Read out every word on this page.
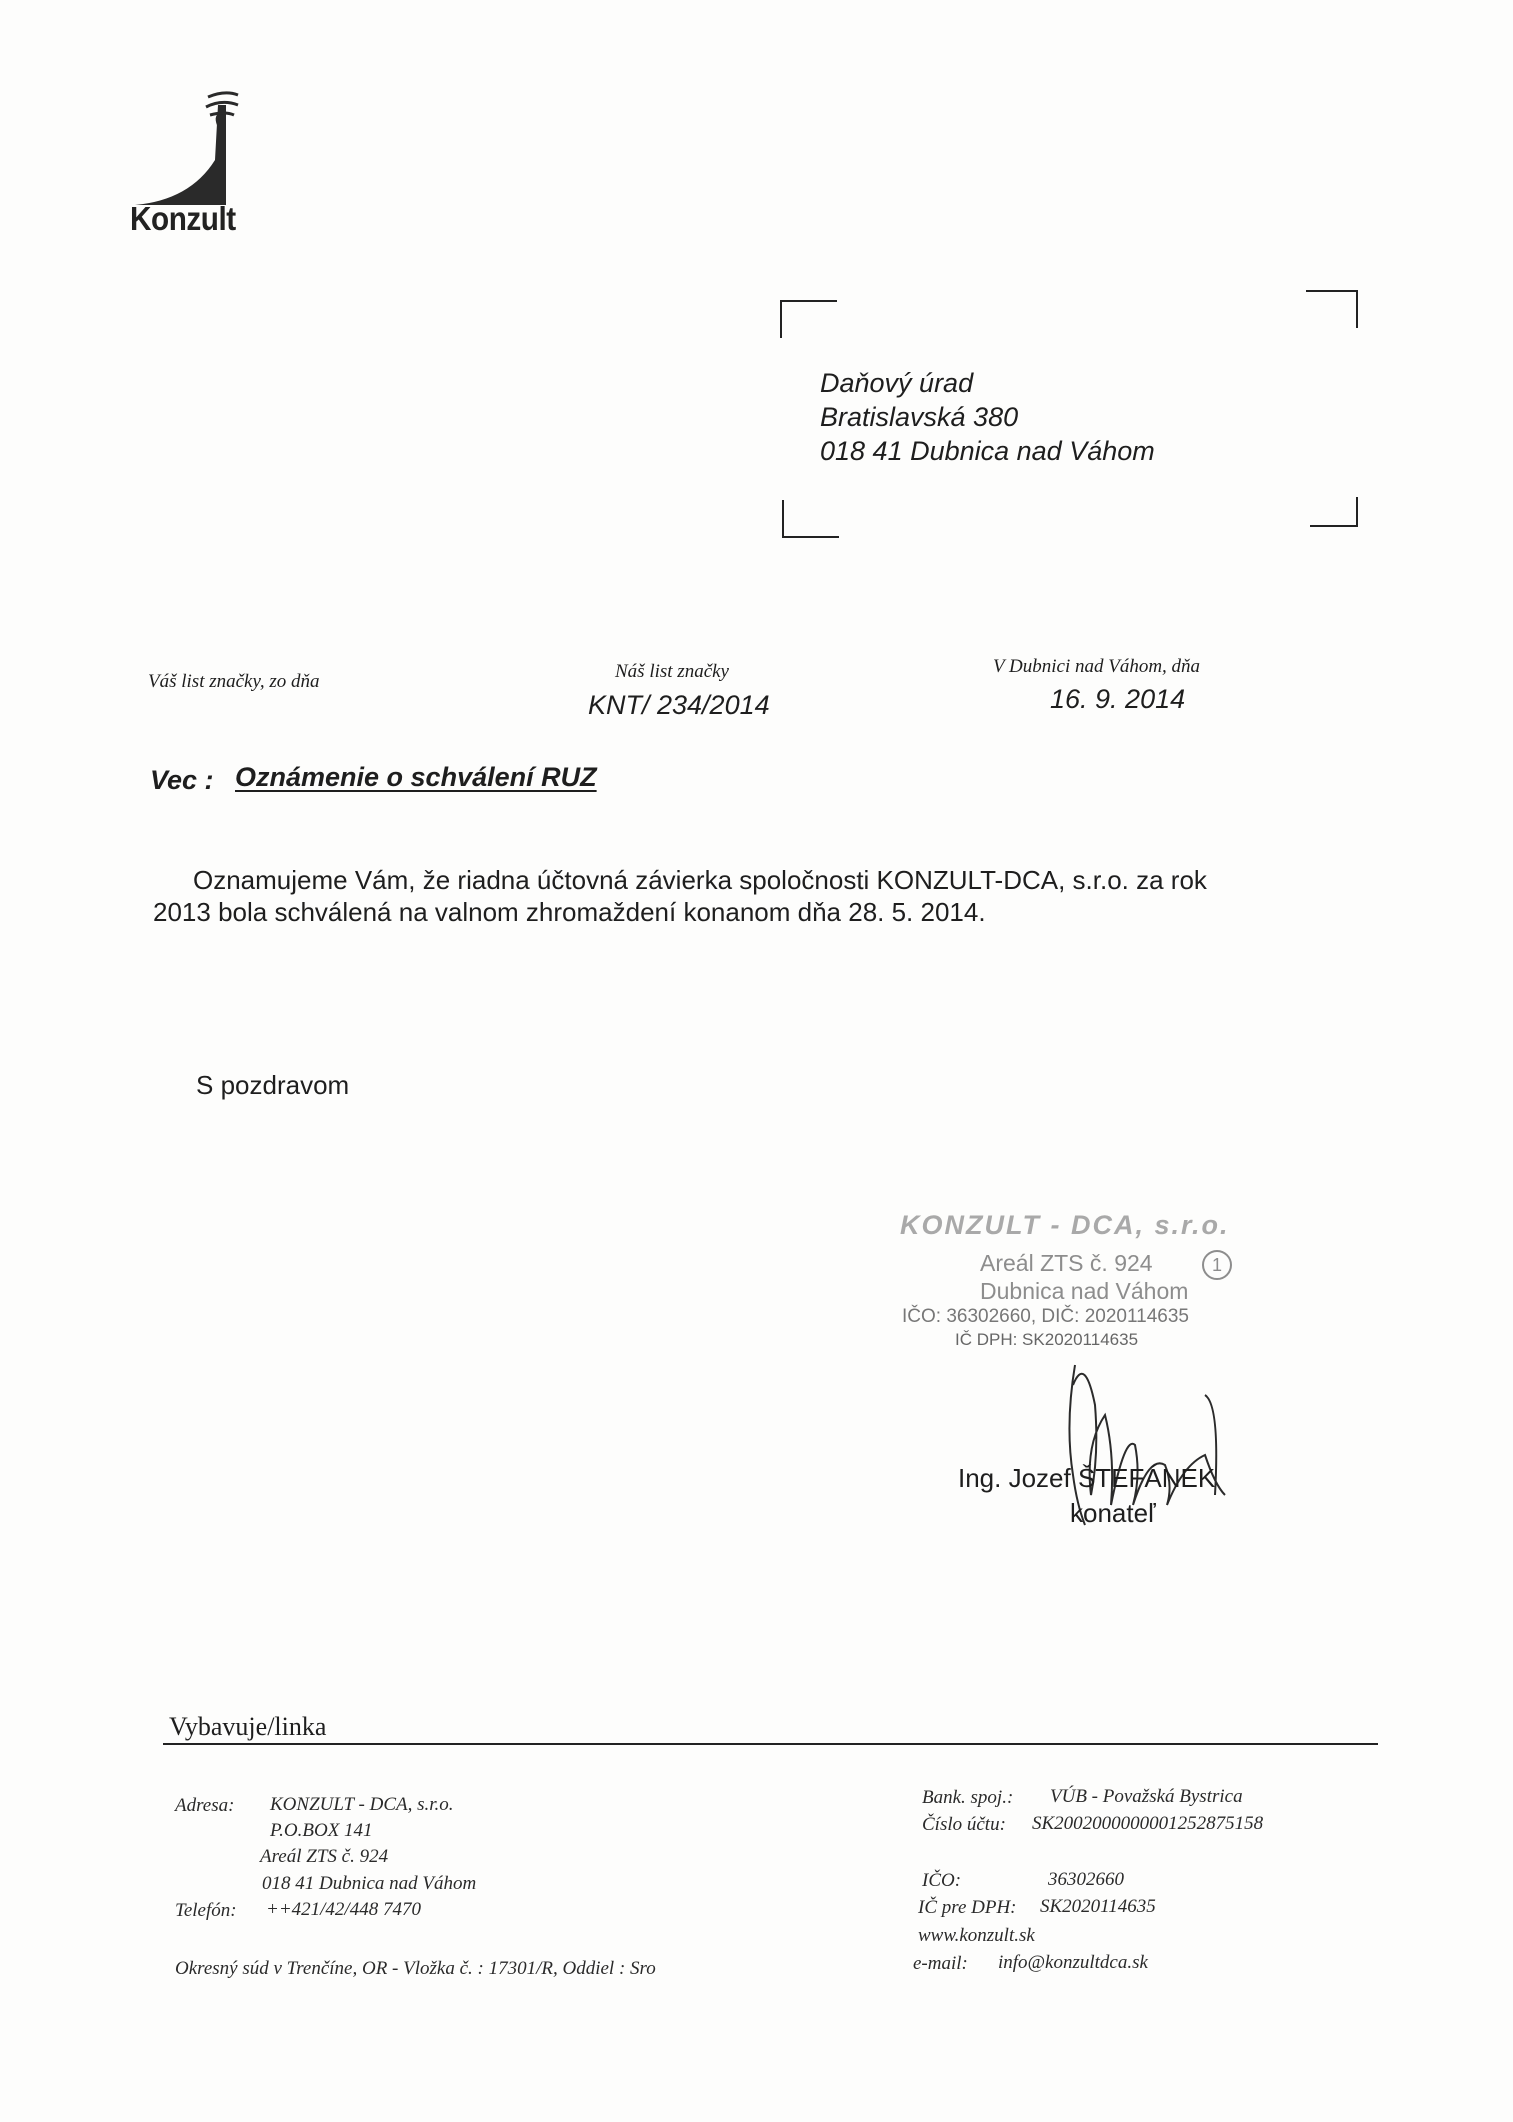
Konzult
Daňový úrad
Bratislavská 380
018 41 Dubnica nad Váhom
Váš list značky, zo dňa	Náš list značky
KNT/ 234/2014
V Dubnici nad Váhom, dňa
16. 9. 2014
Vec : Oznámenie o schválení RUZ
Oznamujeme Vám, že riadna účtovná závierka spoločnosti KONZULT-DCA, s.r.o. za rok
2013 bola schválená na valnom zhromaždení konanom dňa 28. 5. 2014.
S pozdravom
KONZULT - DCA, s.r.o.
Areál ZTS č. 924	1
Dubnica nad Váhom
IČO: 36302660, DIČ: 2020114635
IČ DPH: SK2020114635
Ing. Jozef ŠTEFÁNEK
konateľ
Vybavuje/linka
Adresa: KONZULT - DCA, s.r.o.
P.O.BOX 141
Areál ZTS č. 924
018 41 Dubnica nad Váhom
Telefón: ++421/42/448 7470
Okresný súd v Trenčíne, OR - Vložka č. : 17301/R, Oddiel : Sro
Bank. spoj.: VÚB - Považská Bystrica
Číslo účtu: SK2002000000001252875158
IČO:	36302660
IČ pre DPH: SK2020114635
www.konzult.sk
e-mail: info@konzultdca.sk
